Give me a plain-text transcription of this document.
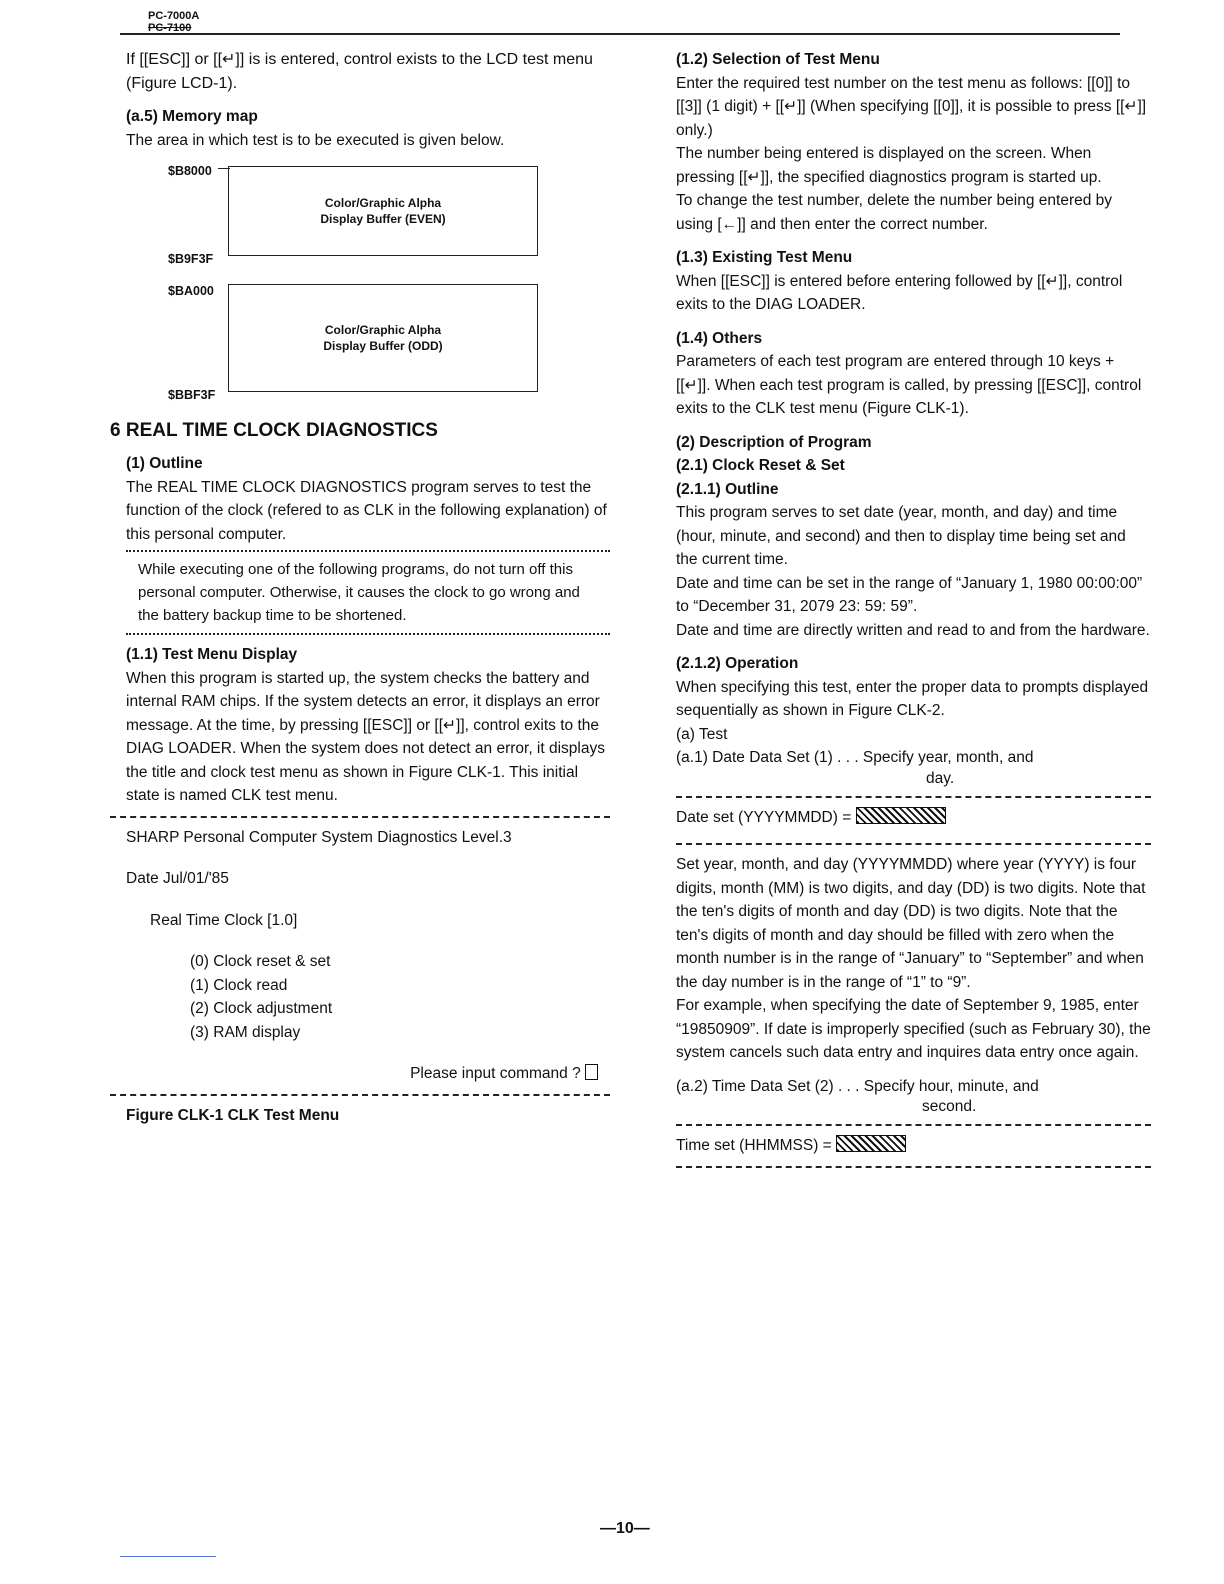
PC-7000A
PC-7100

If [[ESC]] or [[↵]] is is entered, control exists to the LCD test menu (Figure LCD-1).

(a.5) Memory map

The area in which test is to be executed is given below.

$B8000
Color/Graphic Alpha
Display Buffer (EVEN)
$B9F3F
$BA000
Color/Graphic Alpha
Display Buffer (ODD)
$BBF3F
6 REAL TIME CLOCK DIAGNOSTICS

(1) Outline

The REAL TIME CLOCK DIAGNOSTICS program serves to test the function of the clock (refered to as CLK in the following explanation) of this personal computer.

While executing one of the following programs, do not turn off this personal computer. Otherwise, it causes the clock to go wrong and the battery backup time to be shortened.

(1.1) Test Menu Display

When this program is started up, the system checks the battery and internal RAM chips. If the system detects an error, it displays an error message. At the time, by pressing [[ESC]] or [[↵]], control exits to the DIAG LOADER. When the system does not detect an error, it displays the title and clock test menu as shown in Figure CLK-1. This initial state is named CLK test menu.

SHARP Personal Computer System Diagnostics Level.3

Date Jul/01/'85

Real Time Clock [1.0]

(0) Clock reset & set

(1) Clock read

(2) Clock adjustment

(3) RAM display

Please input command ?

Figure CLK-1 CLK Test Menu

(1.2) Selection of Test Menu

Enter the required test number on the test menu as follows: [[0]] to [[3]] (1 digit) + [[↵]] (When specifying [[0]], it is possible to press [[↵]] only.)

The number being entered is displayed on the screen. When pressing [[↵]], the specified diagnostics program is started up.

To change the test number, delete the number being entered by using [←]] and then enter the correct number.

(1.3) Existing Test Menu

When [[ESC]] is entered before entering followed by [[↵]], control exits to the DIAG LOADER.

(1.4) Others

Parameters of each test program are entered through 10 keys + [[↵]]. When each test program is called, by pressing [[ESC]], control exits to the CLK test menu (Figure CLK-1).

(2) Description of Program

(2.1) Clock Reset & Set

(2.1.1) Outline

This program serves to set date (year, month, and day) and time (hour, minute, and second) and then to display time being set and the current time.

Date and time can be set in the range of “January 1, 1980 00:00:00” to “December 31, 2079 23: 59: 59”.

Date and time are directly written and read to and from the hardware.

(2.1.2) Operation

When specifying this test, enter the proper data to prompts displayed sequentially as shown in Figure CLK-2.

(a) Test

(a.1) Date Data Set (1) . . . Specify year, month, and

day.

Date set (YYYYMMDD) =

Set year, month, and day (YYYYMMDD) where year (YYYY) is four digits, month (MM) is two digits, and day (DD) is two digits. Note that the ten's digits of month and day (DD) is two digits. Note that the ten's digits of month and day should be filled with zero when the month number is in the range of “January” to “September” and when the day number is in the range of “1” to “9”.

For example, when specifying the date of September 9, 1985, enter “19850909”. If date is improperly specified (such as February 30), the system cancels such data entry and inquires data entry once again.

(a.2) Time Data Set (2) . . . Specify hour, minute, and

second.

Time set (HHMMSS) =

—10—
